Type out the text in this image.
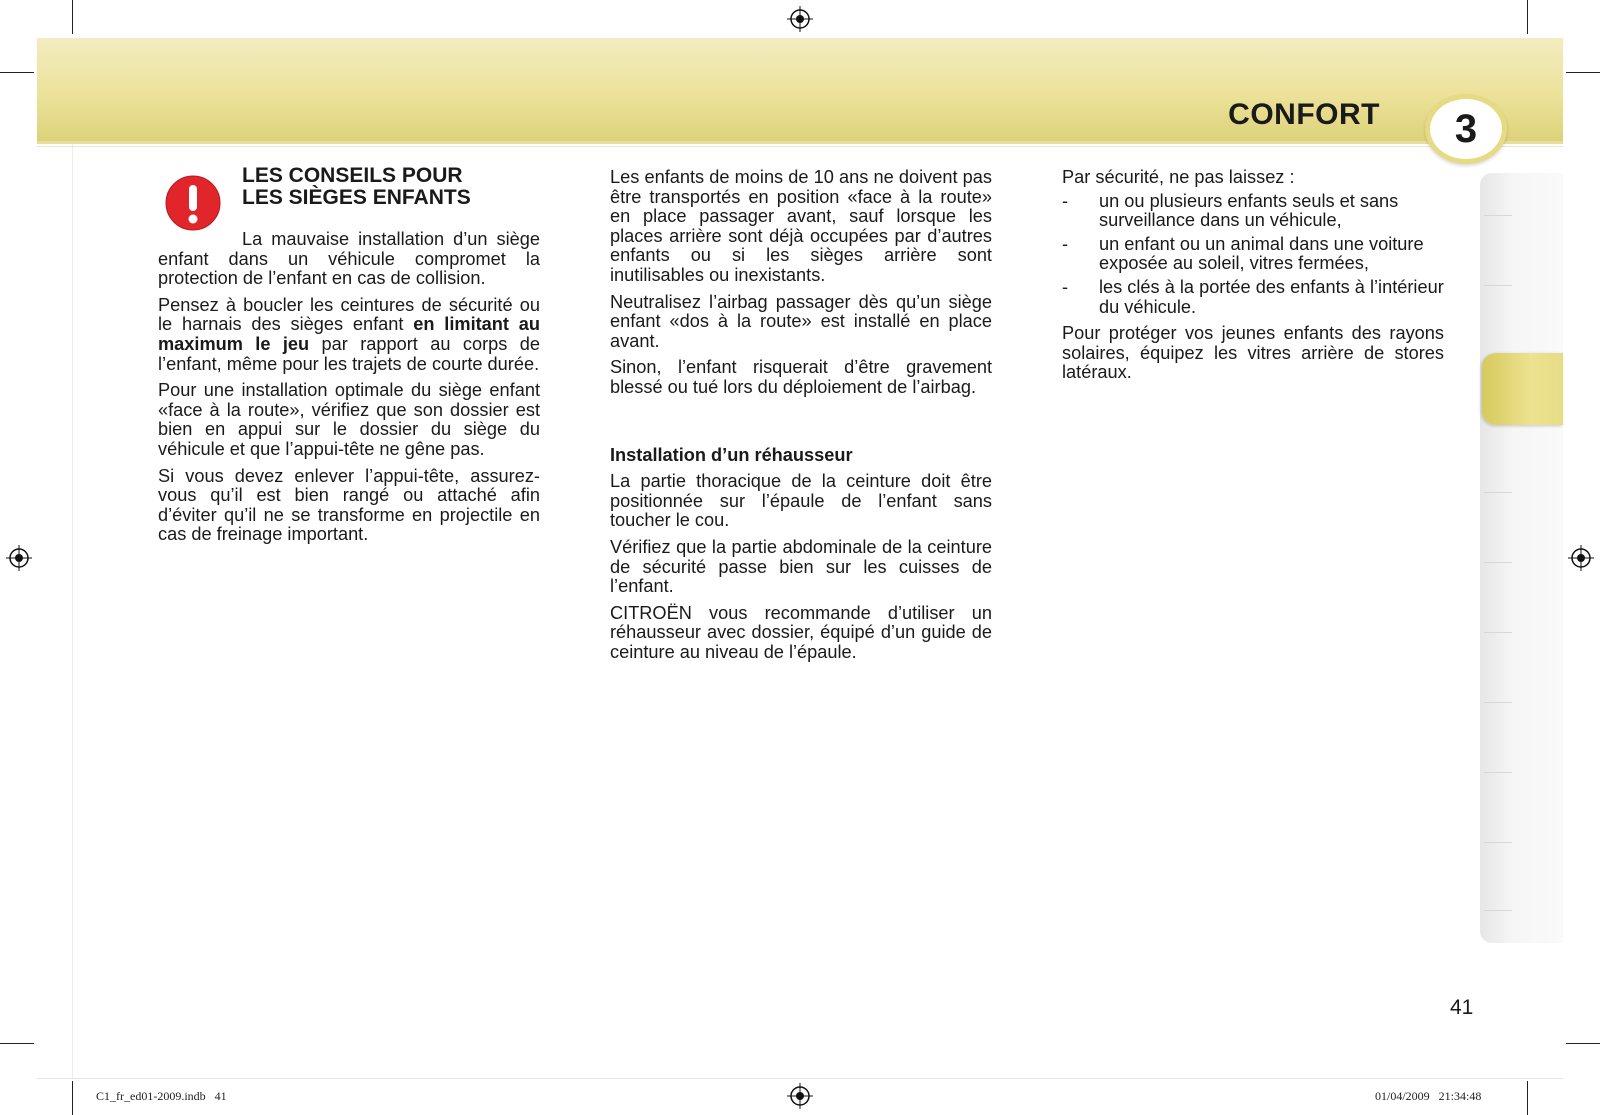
CONFORT	3
LES CONSEILS POUR
LES SIÈGES ENFANTS

La mauvaise installation d’un siège enfant dans un véhicule compromet la protection de l’enfant en cas de collision.

Pensez à boucler les ceintures de sécurité ou le harnais des sièges enfant en limitant au maximum le jeu par rapport au corps de l’enfant, même pour les trajets de courte durée.

Pour une installation optimale du siège enfant «face à la route», vérifiez que son dossier est bien en appui sur le dossier du siège du véhicule et que l’appui-tête ne gêne pas.

Si vous devez enlever l’appui-tête, assurez-vous qu’il est bien rangé ou attaché afin d’éviter qu’il ne se transforme en projectile en cas de freinage important.

Les enfants de moins de 10 ans ne doivent pas être transportés en position «face à la route» en place passager avant, sauf lorsque les places arrière sont déjà occupées par d’autres enfants ou si les sièges arrière sont inutilisables ou inexistants.

Neutralisez l’airbag passager dès qu’un siège enfant «dos à la route» est installé en place avant.

Sinon, l’enfant risquerait d’être gravement blessé ou tué lors du déploiement de l’airbag.

Installation d’un réhausseur

La partie thoracique de la ceinture doit être positionnée sur l’épaule de l’enfant sans toucher le cou.

Vérifiez que la partie abdominale de la ceinture de sécurité passe bien sur les cuisses de l’enfant.

CITROËN vous recommande d’utiliser un réhausseur avec dossier, équipé d’un guide de ceinture au niveau de l’épaule.

Par sécurité, ne pas laissez :

-	un ou plusieurs enfants seuls et sans surveillance dans un véhicule,
-	un enfant ou un animal dans une voiture exposée au soleil, vitres fermées,
-	les clés à la portée des enfants à l’intérieur du véhicule.

Pour protéger vos jeunes enfants des rayons solaires, équipez les vitres arrière de stores latéraux.

41
C1_fr_ed01-2009.indb   41	01/04/2009   21:34:48
